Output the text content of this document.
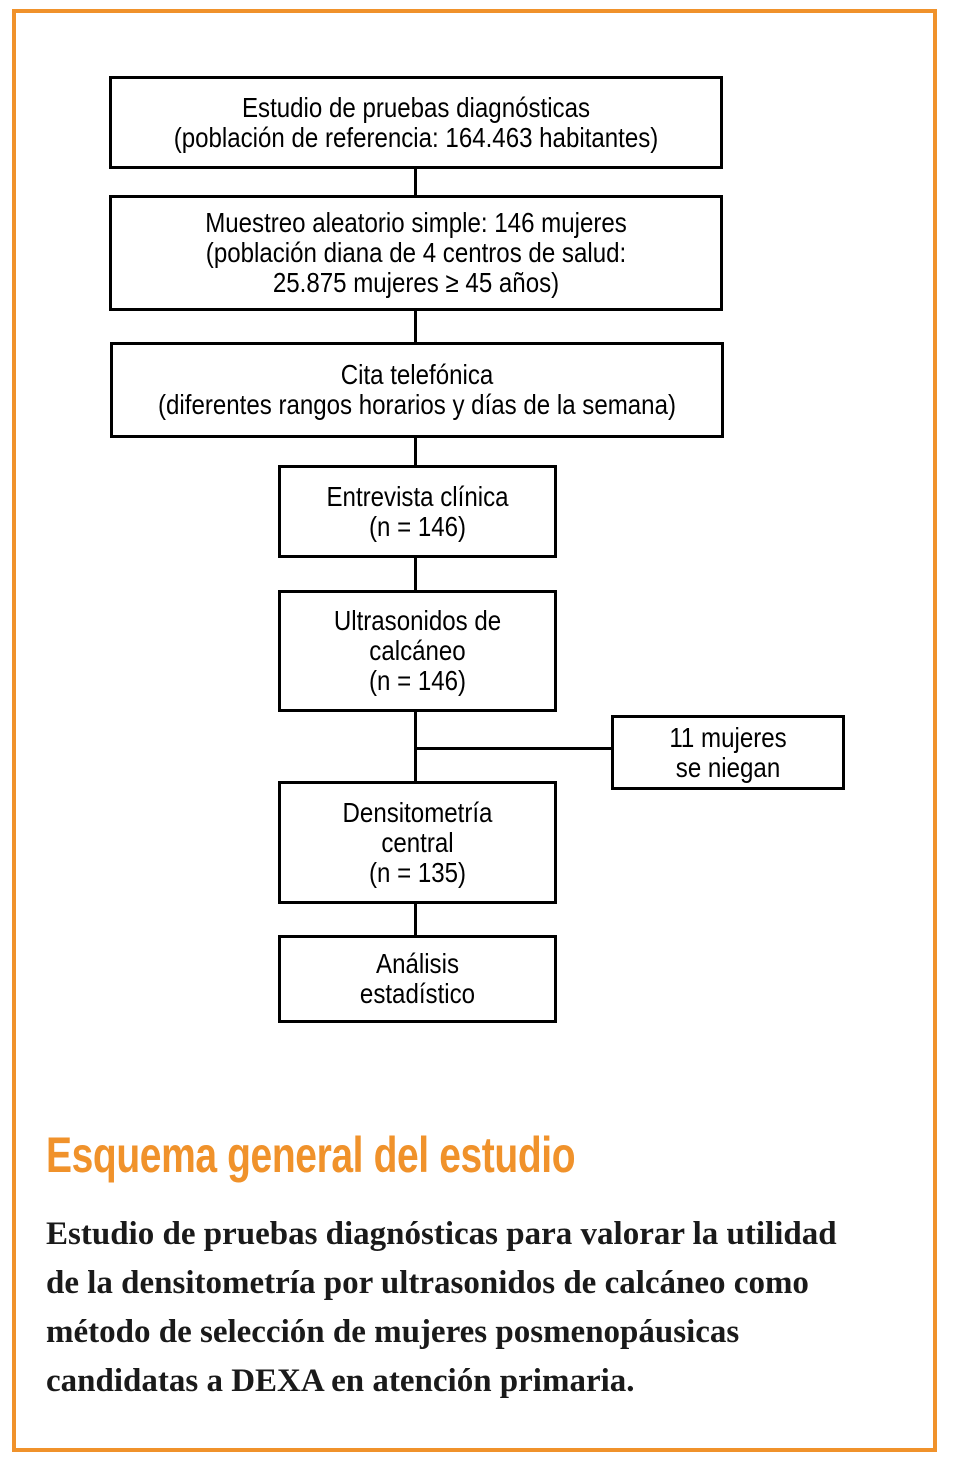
Estudio de pruebas diagnósticas
(población de referencia: 164.463 habitantes)
Muestreo aleatorio simple: 146 mujeres
(población diana de 4 centros de salud:
25.875 mujeres ≥ 45 años)
Cita telefónica
(diferentes rangos horarios y días de la semana)
Entrevista clínica
(n = 146)
Ultrasonidos de
calcáneo
(n = 146)
11 mujeres
se niegan
Densitometría
central
(n = 135)
Análisis
estadístico
Esquema general del estudio
Estudio de pruebas diagnósticas para valorar la utilidad
de la densitometría por ultrasonidos de calcáneo como
método de selección de mujeres posmenopáusicas
candidatas a DEXA en atención primaria.
